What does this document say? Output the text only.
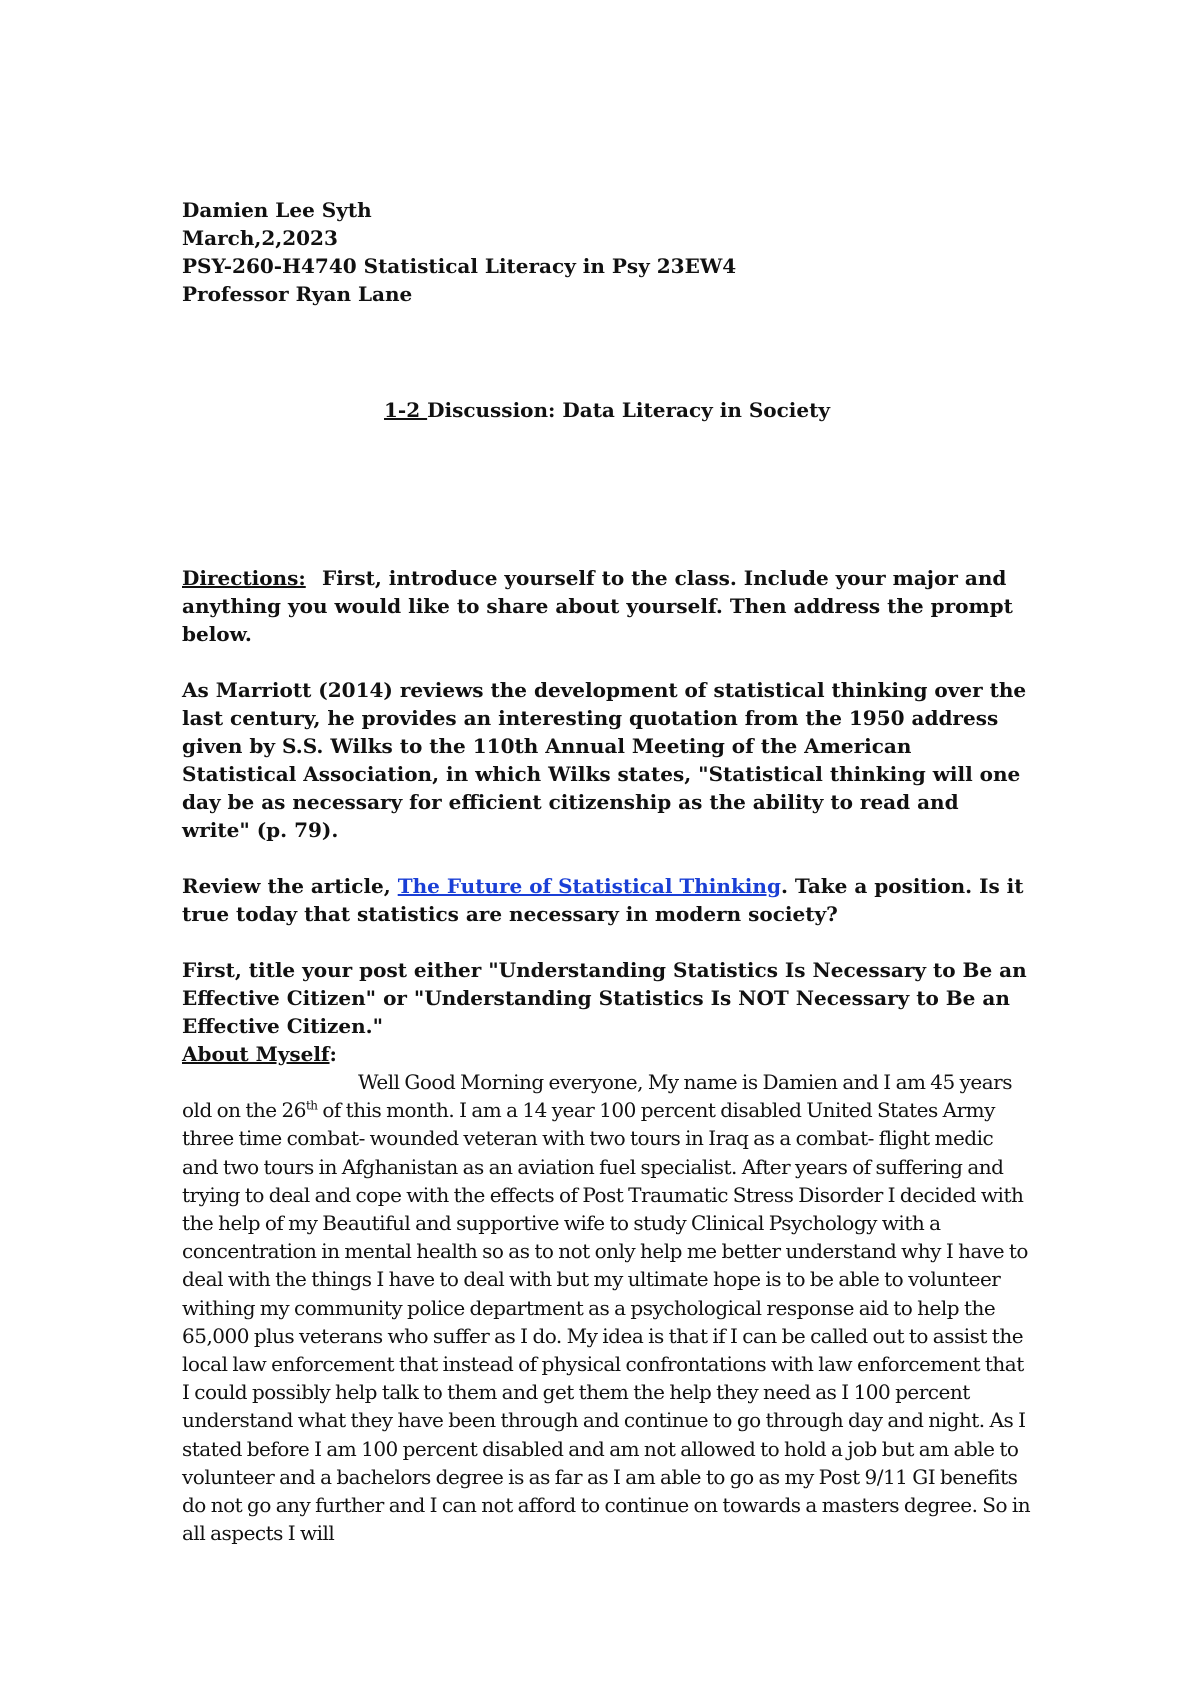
Damien Lee Syth
March,2,2023
PSY-260-H4740 Statistical Literacy in Psy 23EW4
Professor Ryan Lane
1-2 Discussion: Data Literacy in Society

Directions: First, introduce yourself to the class. Include your major and anything you would like to share about yourself. Then address the prompt below.

As Marriott (2014) reviews the development of statistical thinking over the last century, he provides an interesting quotation from the 1950 address given by S.S. Wilks to the 110th Annual Meeting of the American Statistical Association, in which Wilks states, "Statistical thinking will one day be as necessary for efficient citizenship as the ability to read and write" (p. 79).

Review the article, The Future of Statistical Thinking. Take a position. Is it true today that statistics are necessary in modern society?

First, title your post either "Understanding Statistics Is Necessary to Be an Effective Citizen" or "Understanding Statistics Is NOT Necessary to Be an Effective Citizen."

About Myself:

Well Good Morning everyone, My name is Damien and I am 45 years old on the 26th of this month. I am a 14 year 100 percent disabled United States Army three time combat- wounded veteran with two tours in Iraq as a combat- flight medic and two tours in Afghanistan as an aviation fuel specialist. After years of suffering and trying to deal and cope with the effects of Post Traumatic Stress Disorder I decided with the help of my Beautiful and supportive wife to study Clinical Psychology with a concentration in mental health so as to not only help me better understand why I have to deal with the things I have to deal with but my ultimate hope is to be able to volunteer withing my community police department as a psychological response aid to help the 65,000 plus veterans who suffer as I do. My idea is that if I can be called out to assist the local law enforcement that instead of physical confrontations with law enforcement that I could possibly help talk to them and get them the help they need as I 100 percent understand what they have been through and continue to go through day and night. As I stated before I am 100 percent disabled and am not allowed to hold a job but am able to volunteer and a bachelors degree is as far as I am able to go as my Post 9/11 GI benefits do not go any further and I can not afford to continue on towards a masters degree. So in all aspects I will
